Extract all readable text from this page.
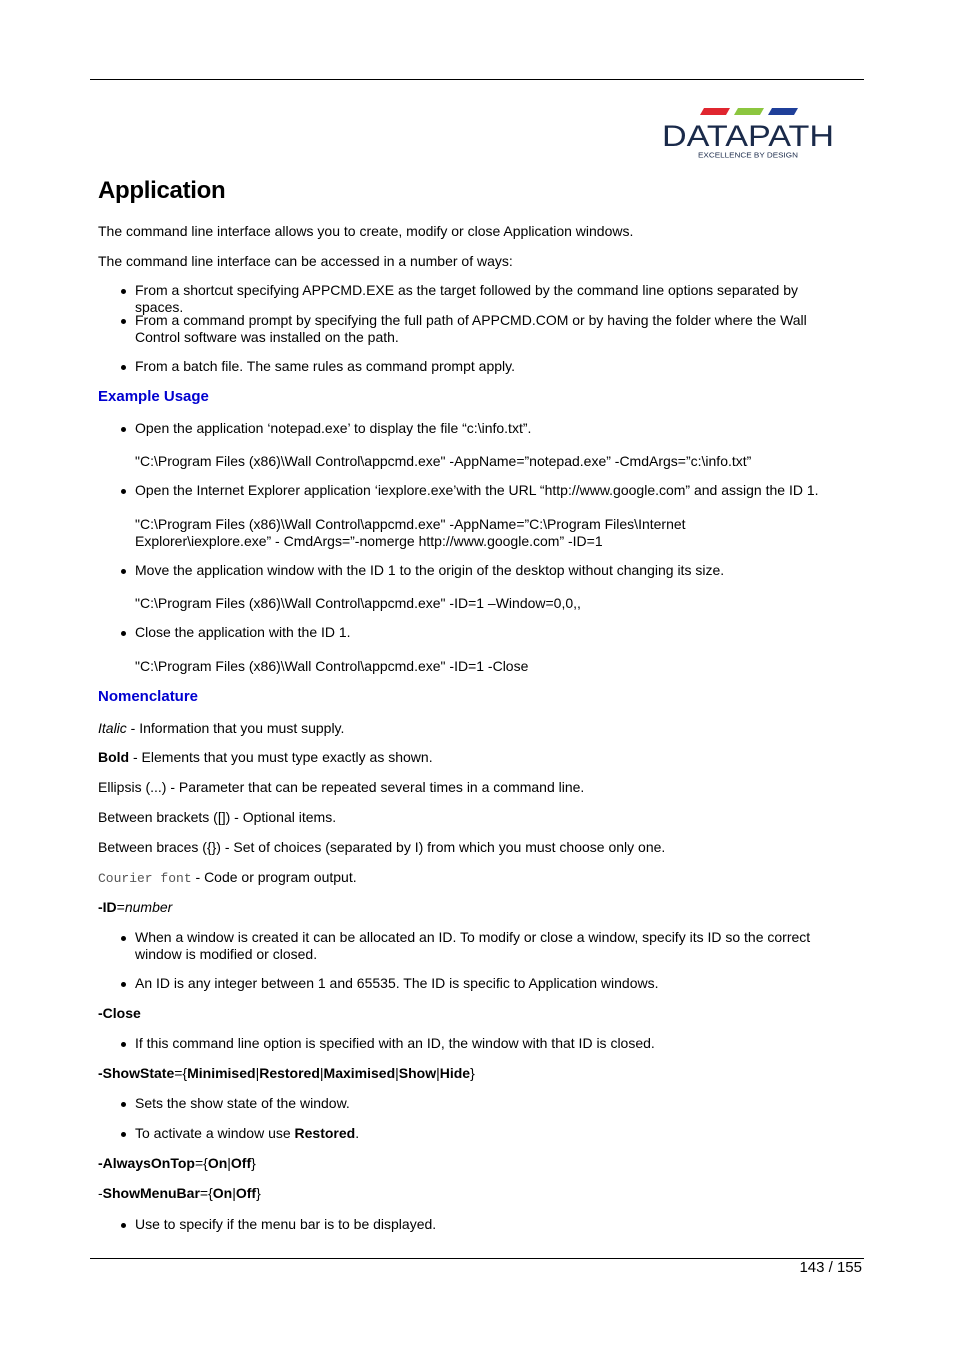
DATAPATH
EXCELLENCE BY DESIGN
Application
The command line interface allows you to create, modify or close Application windows.
The command line interface can be accessed in a number of ways:
From a shortcut specifying APPCMD.EXE as the target followed by the command line options separated by spaces.
From a command prompt by specifying the full path of APPCMD.COM or by having the folder where the Wall Control software was installed on the path.
From a batch file. The same rules as command prompt apply.
Example Usage
Open the application ‘notepad.exe’ to display the file “c:\info.txt”.
"C:\Program Files (x86)\Wall Control\appcmd.exe" -AppName=”notepad.exe” -CmdArgs=”c:\info.txt”
Open the Internet Explorer application ‘iexplore.exe’with the URL “http://www.google.com” and assign the ID 1.
"C:\Program Files (x86)\Wall Control\appcmd.exe" -AppName=”C:\Program Files\Internet Explorer\iexplore.exe” - CmdArgs=”-nomerge http://www.google.com” -ID=1
Move the application window with the ID 1 to the origin of the desktop without changing its size.
"C:\Program Files (x86)\Wall Control\appcmd.exe" -ID=1 –Window=0,0,,
Close the application with the ID 1.
"C:\Program Files (x86)\Wall Control\appcmd.exe" -ID=1 -Close
Nomenclature
Italic - Information that you must supply.
Bold - Elements that you must type exactly as shown.
Ellipsis (...) - Parameter that can be repeated several times in a command line.
Between brackets ([]) - Optional items.
Between braces ({}) - Set of choices (separated by I) from which you must choose only one.
Courier font - Code or program output.
-ID=number
When a window is created it can be allocated an ID. To modify or close a window, specify its ID so the correct window is modified or closed.
An ID is any integer between 1 and 65535. The ID is specific to Application windows.
-Close
If this command line option is specified with an ID, the window with that ID is closed.
-ShowState={Minimised|Restored|Maximised|Show|Hide}
Sets the show state of the window.
To activate a window use Restored.
-AlwaysOnTop={On|Off}
-ShowMenuBar={On|Off}
Use to specify if the menu bar is to be displayed.
143 / 155
